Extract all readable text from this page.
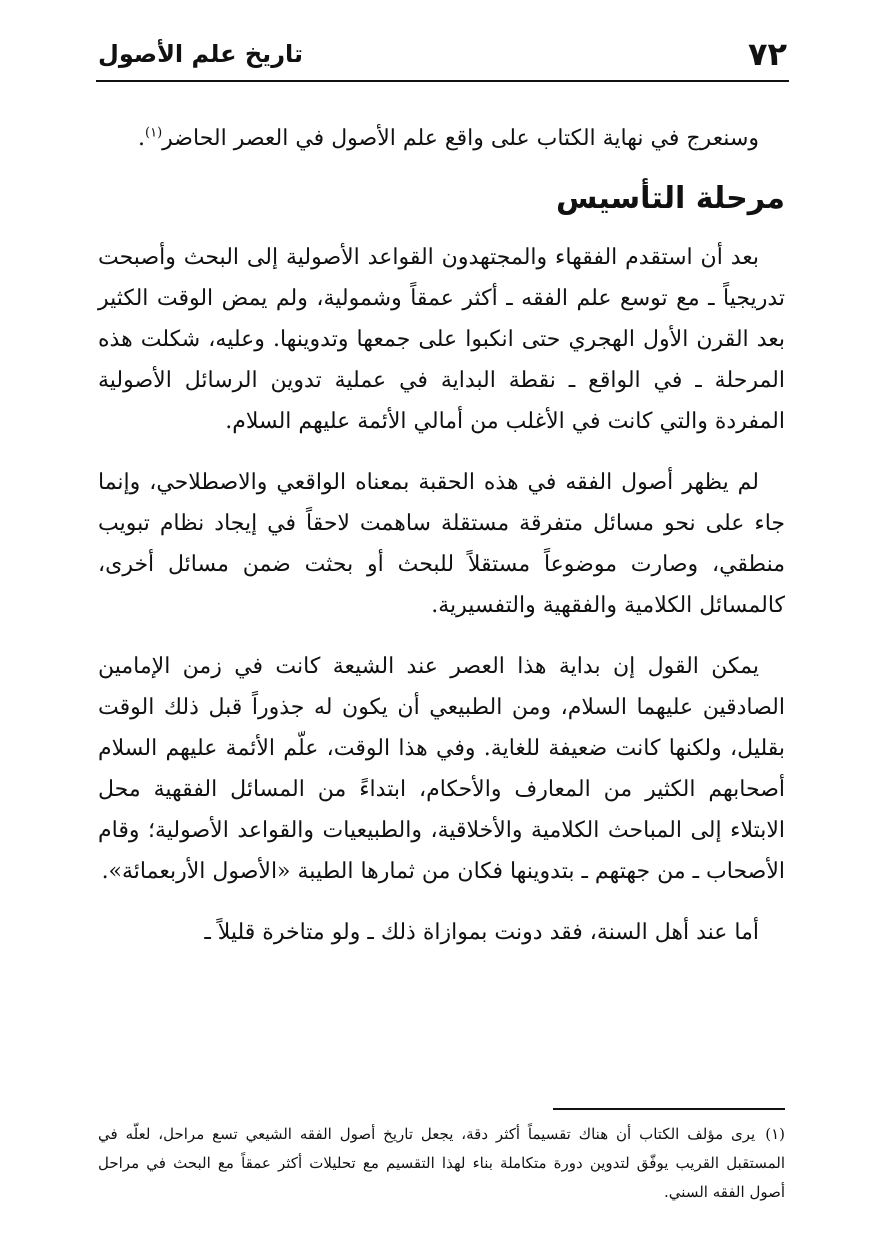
٧٢
تاريخ علم الأصول

وسنعرج في نهاية الكتاب على واقع علم الأصول في العصر الحاضر$^{(١)}$.

مرحلة التأسيس

بعد أن استقدم الفقهاء والمجتهدون القواعد الأصولية إلى البحث وأصبحت تدريجياً ـ مع توسع علم الفقه ـ أكثر عمقاً وشمولية، ولم يمض الوقت الكثير بعد القرن الأول الهجري حتى انكبوا على جمعها وتدوينها. وعليه، شكلت هذه المرحلة ـ في الواقع ـ نقطة البداية في عملية تدوين الرسائل الأصولية المفردة والتي كانت في الأغلب من أمالي الأئمة عليهم السلام.

لم يظهر أصول الفقه في هذه الحقبة بمعناه الواقعي والاصطلاحي، وإنما جاء على نحو مسائل متفرقة مستقلة ساهمت لاحقاً في إيجاد نظام تبويب منطقي، وصارت موضوعاً مستقلاً للبحث أو بحثت ضمن مسائل أخرى، كالمسائل الكلامية والفقهية والتفسيرية.

يمكن القول إن بداية هذا العصر عند الشيعة كانت في زمن الإمامين الصادقين عليهما السلام، ومن الطبيعي أن يكون له جذوراً قبل ذلك الوقت بقليل، ولكنها كانت ضعيفة للغاية. وفي هذا الوقت، علّم الأئمة عليهم السلام أصحابهم الكثير من المعارف والأحكام، ابتداءً من المسائل الفقهية محل الابتلاء إلى المباحث الكلامية والأخلاقية، والطبيعيات والقواعد الأصولية؛ وقام الأصحاب ـ من جهتهم ـ بتدوينها فكان من ثمارها الطيبة «الأصول الأربعمائة».

أما عند أهل السنة، فقد دونت بموازاة ذلك ـ ولو متاخرة قليلاً ـ

(١)يرى مؤلف الكتاب أن هناك تقسيماً أكثر دقة، يجعل تاريخ أصول الفقه الشيعي تسع مراحل، لعلّه في المستقبل القريب يوفّق لتدوين دورة متكاملة بناء لهذا التقسيم مع تحليلات أكثر عمقاً مع البحث في مراحل أصول الفقه السني.
